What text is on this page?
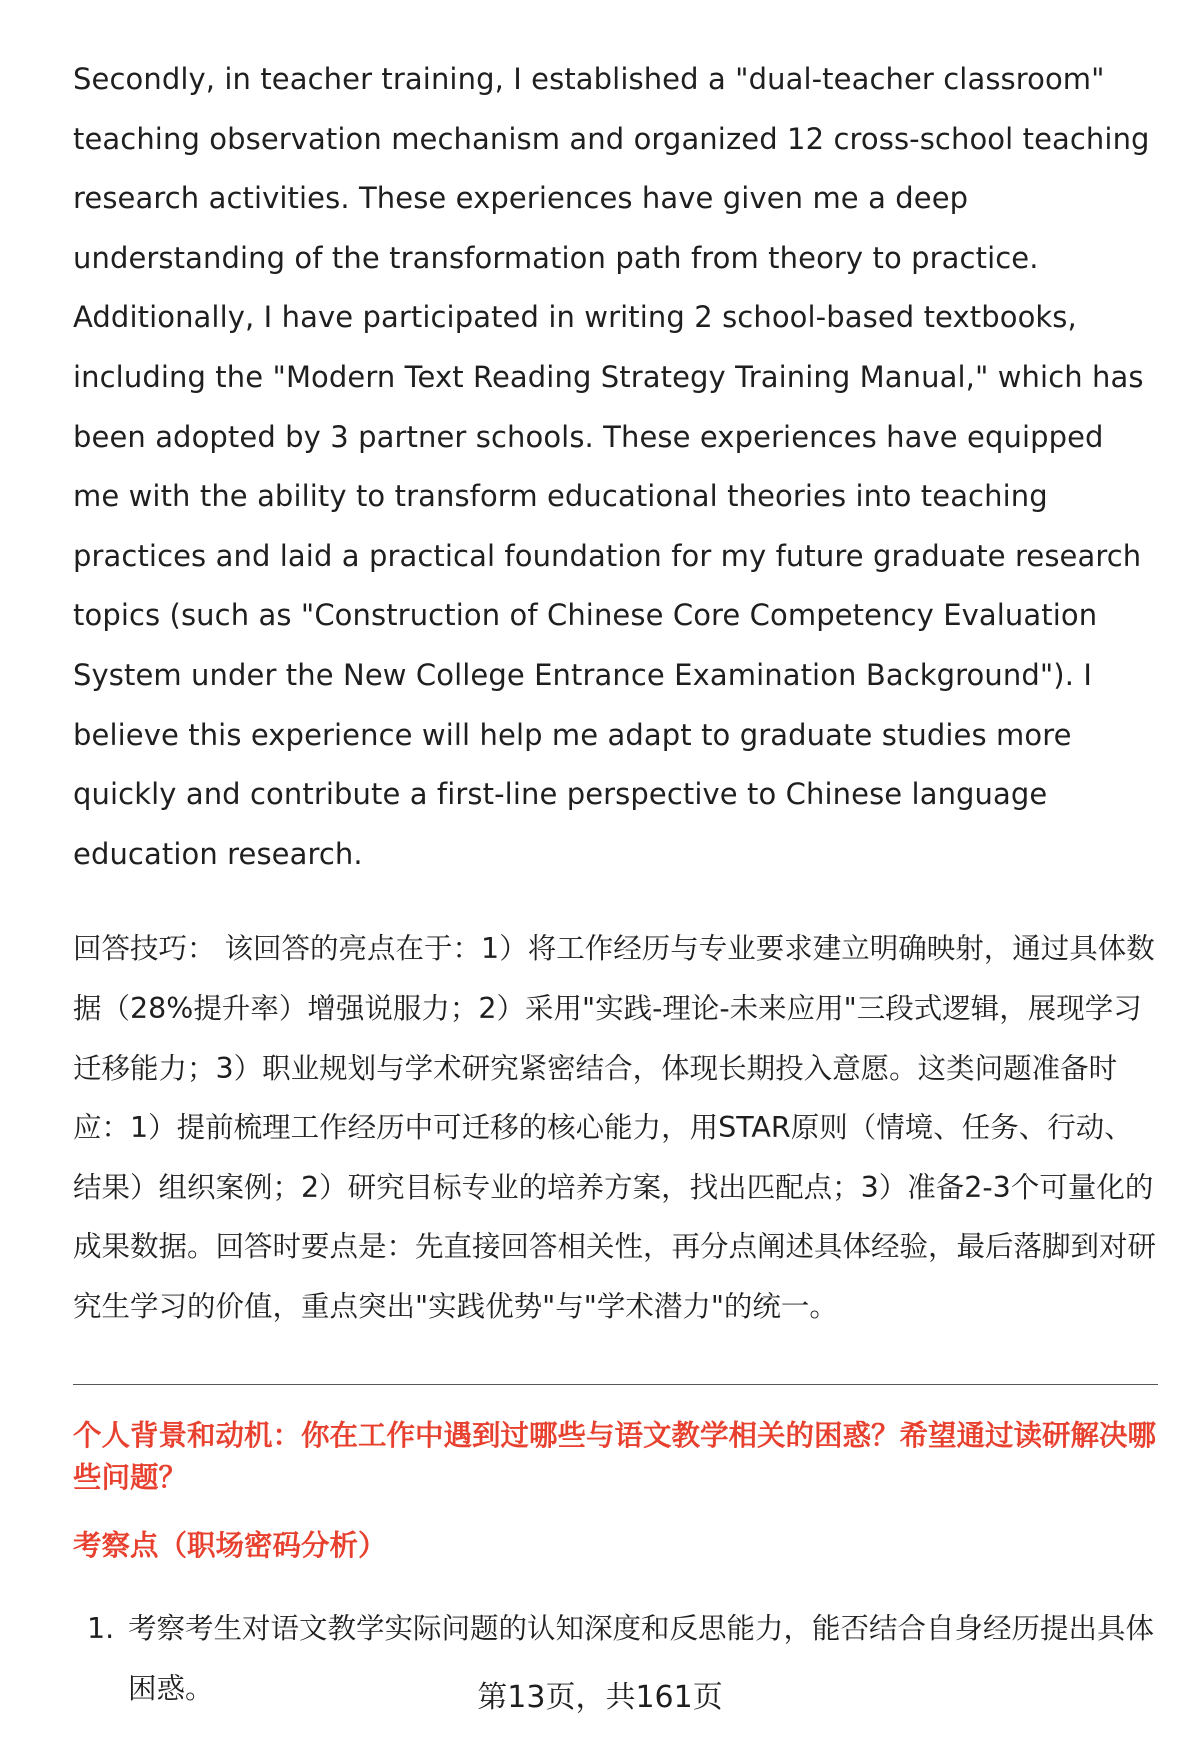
Secondly, in teacher training, I established a "dual-teacher classroom" teaching observation mechanism and organized 12 cross-school teaching research activities. These experiences have given me a deep understanding of the transformation path from theory to practice. Additionally, I have participated in writing 2 school-based textbooks, including the "Modern Text Reading Strategy Training Manual," which has been adopted by 3 partner schools. These experiences have equipped me with the ability to transform educational theories into teaching practices and laid a practical foundation for my future graduate research topics (such as "Construction of Chinese Core Competency Evaluation System under the New College Entrance Examination Background"). I believe this experience will help me adapt to graduate studies more quickly and contribute a first-line perspective to Chinese language education research.

回答技巧： 该回答的亮点在于：1）将工作经历与专业要求建立明确映射，通过具体数据（28%提升率）增强说服力；2）采用"实践-理论-未来应用"三段式逻辑，展现学习迁移能力；3）职业规划与学术研究紧密结合，体现长期投入意愿。这类问题准备时应：1）提前梳理工作经历中可迁移的核心能力，用STAR原则（情境、任务、行动、结果）组织案例；2）研究目标专业的培养方案，找出匹配点；3）准备2-3个可量化的成果数据。回答时要点是：先直接回答相关性，再分点阐述具体经验，最后落脚到对研究生学习的价值，重点突出"实践优势"与"学术潜力"的统一。

个人背景和动机：你在工作中遇到过哪些与语文教学相关的困惑？希望通过读研解决哪些问题？
考察点（职场密码分析）
1. 考察考生对语文教学实际问题的认知深度和反思能力，能否结合自身经历提出具体困惑。	第13页，共161页
